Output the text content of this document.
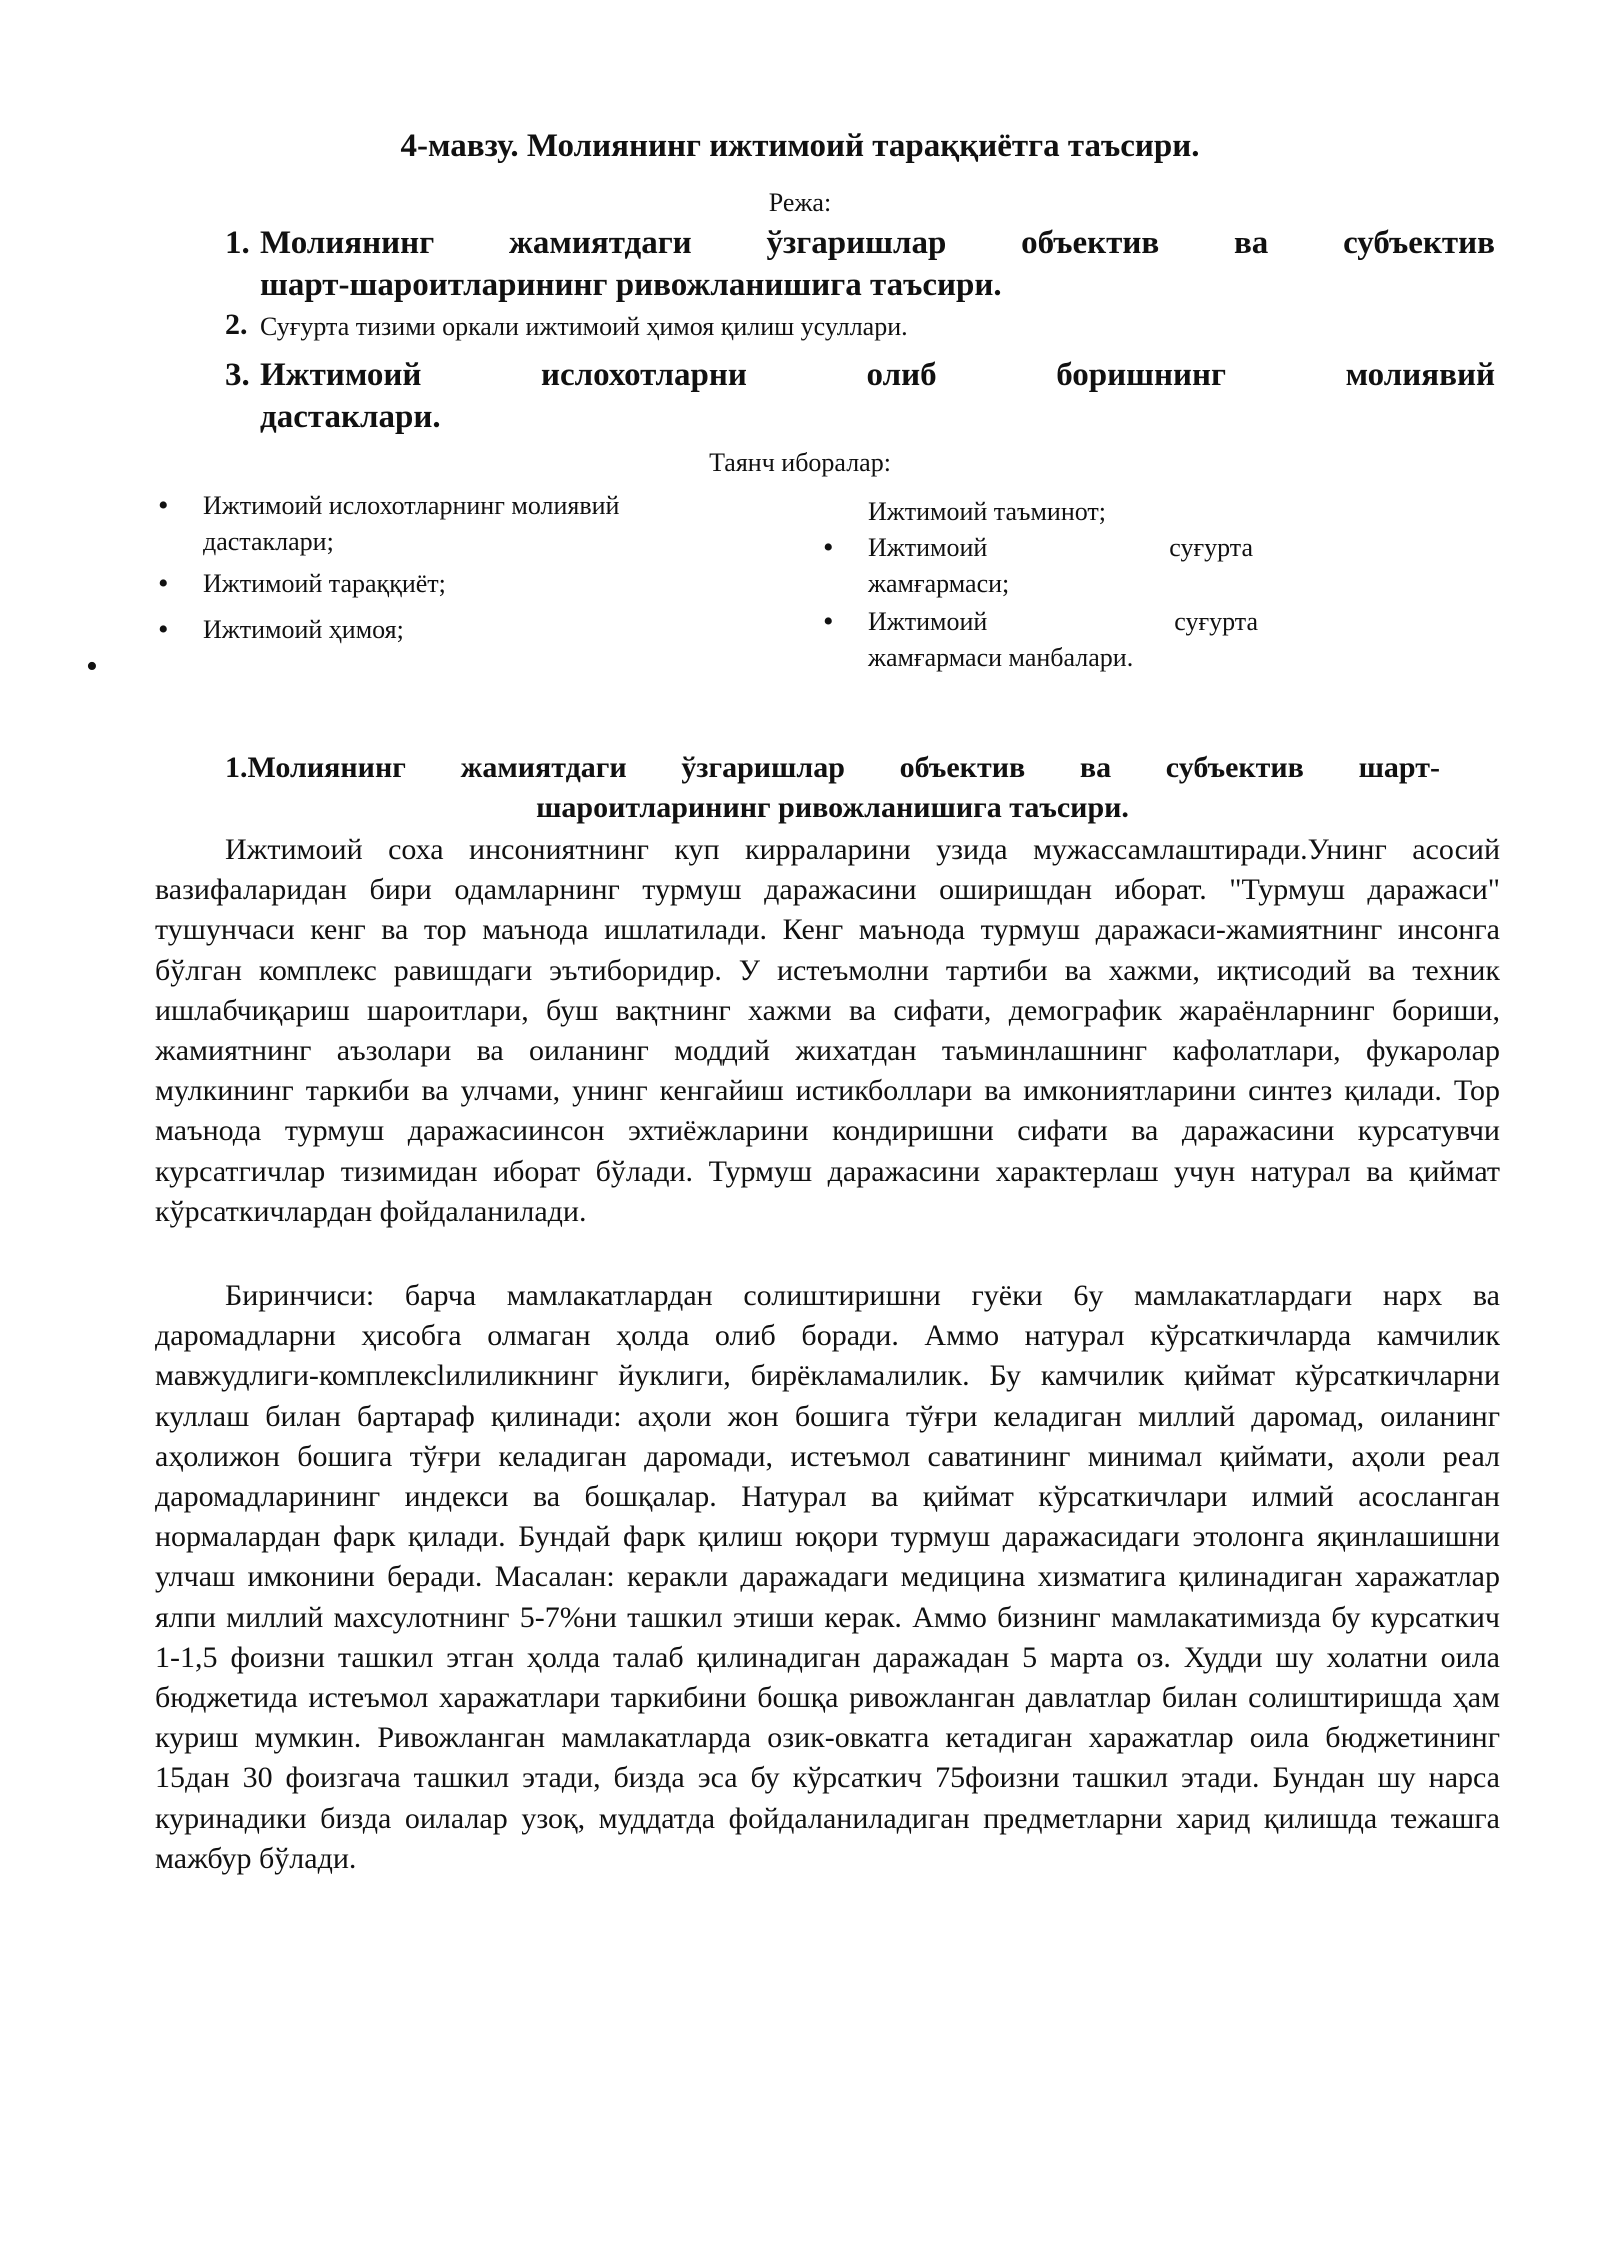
4-мавзу. Молиянинг ижтимоий тараққиётга таъсири.
Режа:
1. Молиянинг жамиятдаги ўзгаришлар объектив ва субъектив
шарт-шароитларининг ривожланишига таъсири.
2. Суғурта тизими оркали ижтимоий ҳимоя қилиш усуллари.
3. Ижтимоий	ислохотларни	олиб	боришнинг	молиявий
дастаклари.
Таянч иборалар:
• Ижтимоий ислохотларнинг молиявий
дастаклари;
• Ижтимоий тараққиёт;
• Ижтимоий ҳимоя;
Ижтимоий таъминот;
• Ижтимоий	суғурта
жамғармаси;
• Ижтимоий	суғурта
жамғармаси манбалари.
•
1.Молиянинг жамиятдаги ўзгаришлар объектив ва субъектив шарт-
шароитларининг ривожланишига таъсири.

Ижтимоий соха инсониятнинг куп кирраларини узида мужассамлаштиради.Унинг асосий вазифаларидан бири одамларнинг турмуш даражасини оширишдан иборат. "Турмуш даражаси" тушунчаси кенг ва тор маънода ишлатилади. Кенг маънода турмуш даражаси-жамиятнинг инсонга бўлган комплекс равишдаги эътиборидир. У истеъмолни тартиби ва хажми, иқтисодий ва техник ишлабчиқариш шароитлари, буш вақтнинг хажми ва сифати, демографик жараёнларнинг бориши, жамиятнинг аъзолари ва оиланинг моддий жихатдан таъминлашнинг кафолатлари, фукаролар мулкининг таркиби ва улчами, унинг кенгайиш истикболлари ва имкониятларини синтез қилади. Тор маънода турмуш даражасиинсон эхтиёжларини кондиришни сифати ва даражасини курсатувчи курсатгичлар тизимидан иборат бўлади. Турмуш даражасини характерлаш учун натурал ва қиймат кўрсаткичлардан фойдаланилади.

Биринчиси: барча мамлакатлардан солиштиришни гуёки 6у мамлакатлардаги нарх ва даромадларни ҳисобга олмаган ҳолда олиб боради. Аммо натурал кўрсаткичларда камчилик мавжудлиги-комплексlилиликнинг йуклиги, бирёкламалилик. Бу камчилик қиймат кўрсаткичларни куллаш билан бартараф қилинади: аҳоли жон бошига тўғри келадиган миллий даромад, оиланинг аҳолижон бошига тўғри келадиган даромади, истеъмол саватининг минимал қиймати, аҳоли реал даромадларининг индекси ва бошқалар. Натурал ва қиймат кўрсаткичлари илмий асосланган нормалардан фарк қилади. Бундай фарк қилиш юқори турмуш даражасидаги этолонга яқинлашишни улчаш имконини беради. Масалан: керакли даражадаги медицина хизматига қилинадиган харажатлар ялпи миллий махсулотнинг 5-7%ни ташкил этиши керак. Аммо бизнинг мамлакатимизда бу курсаткич 1-1,5 фоизни ташкил этган ҳолда талаб қилинадиган даражадан 5 марта оз. Худди шу холатни оила бюджетида истеъмол харажатлари таркибини бошқа ривожланган давлатлар билан солиштиришда ҳам куриш мумкин. Ривожланган мамлакатларда озик-овкатга кетадиган харажатлар оила бюджетининг 15дан 30 фоизгача ташкил этади, бизда эса бу кўрсаткич 75фоизни ташкил этади. Бундан шу нарса куринадики бизда оилалар узоқ, муддатда фойдаланиладиган предметларни харид қилишда тежашга мажбур бўлади.
